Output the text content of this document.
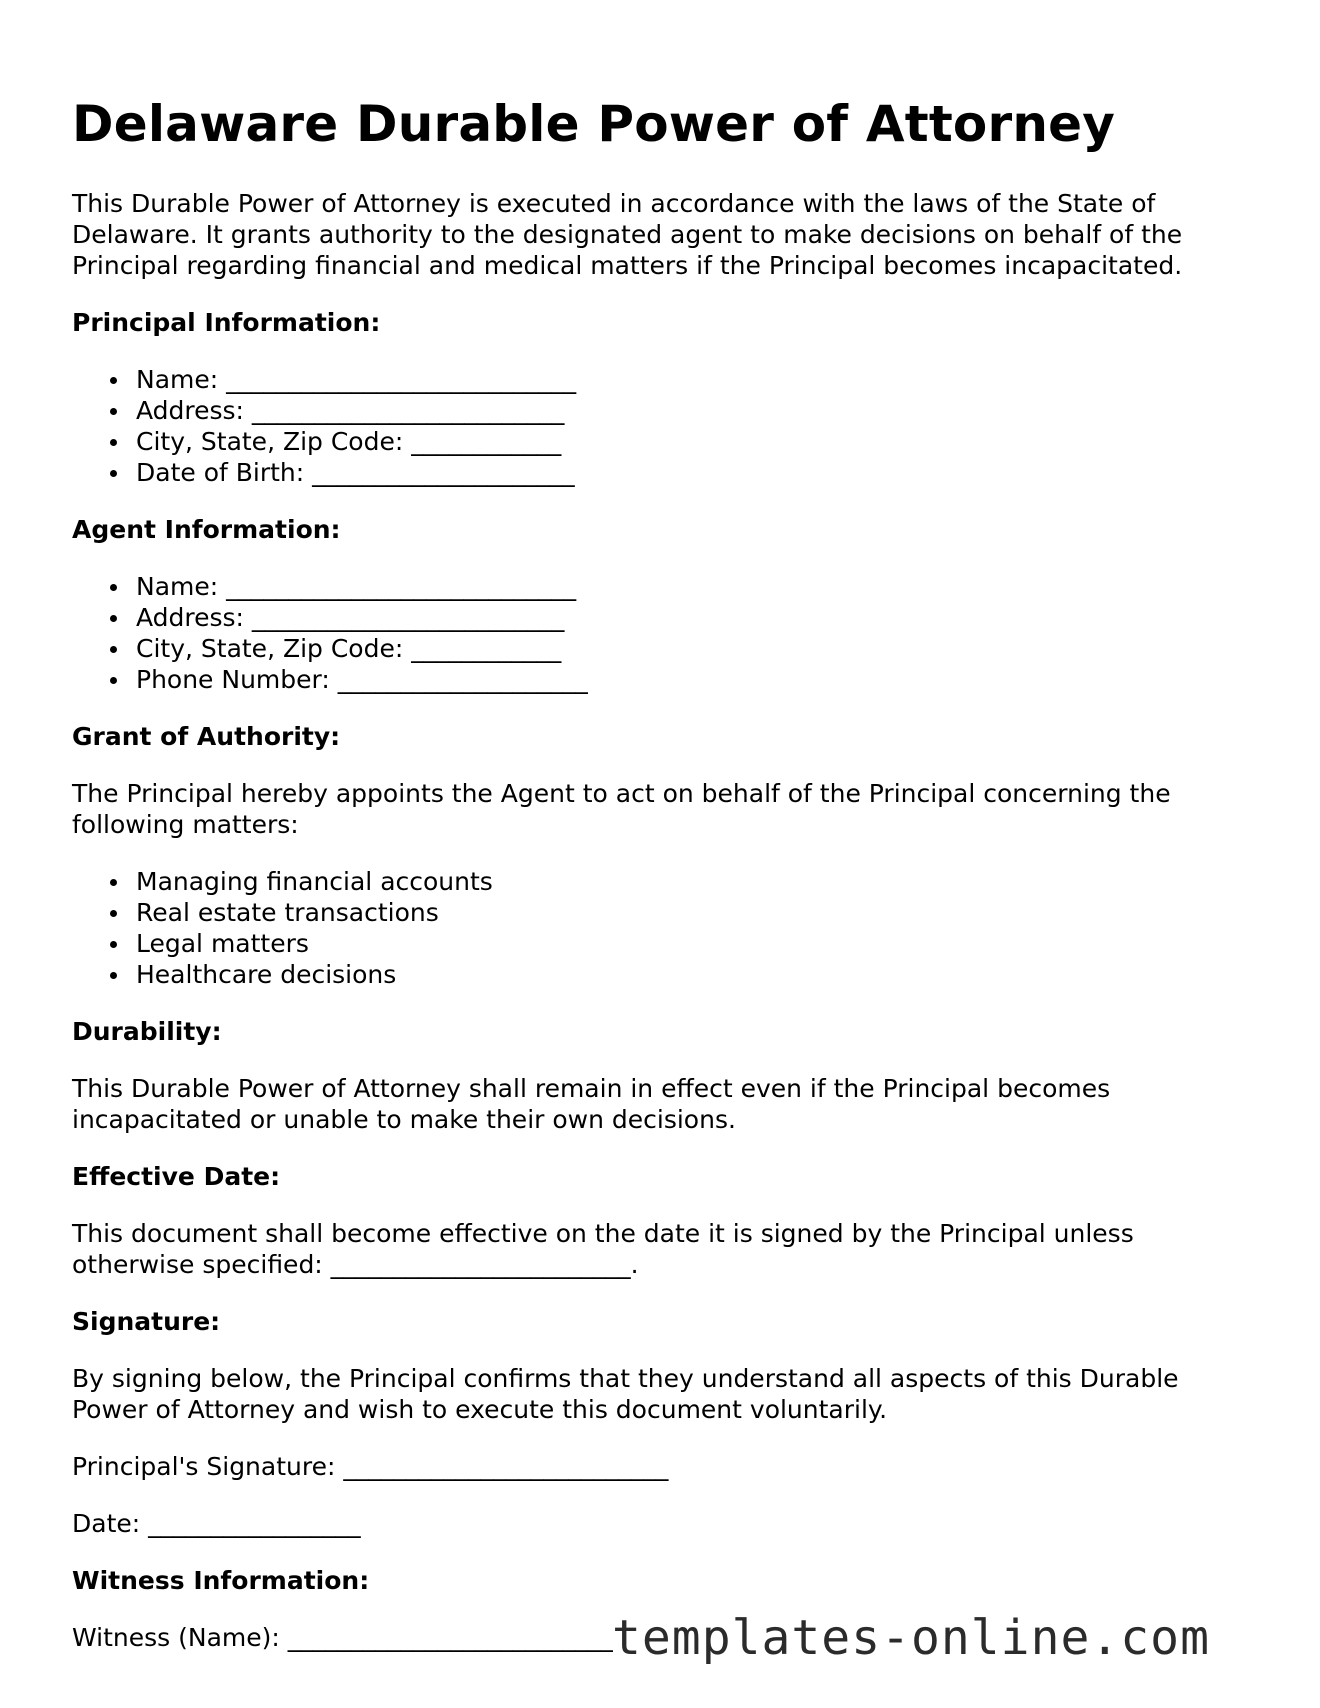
Delaware Durable Power of Attorney

This Durable Power of Attorney is executed in accordance with the laws of the State of Delaware. It grants authority to the designated agent to make decisions on behalf of the Principal regarding financial and medical matters if the Principal becomes incapacitated.

Principal Information:
Name: ____________________________
Address: _________________________
City, State, Zip Code: ____________
Date of Birth: _____________________
Agent Information:
Name: ____________________________
Address: _________________________
City, State, Zip Code: ____________
Phone Number: ____________________
Grant of Authority:

The Principal hereby appoints the Agent to act on behalf of the Principal concerning the following matters:

Managing financial accounts
Real estate transactions
Legal matters
Healthcare decisions
Durability:

This Durable Power of Attorney shall remain in effect even if the Principal becomes incapacitated or unable to make their own decisions.

Effective Date:

This document shall become effective on the date it is signed by the Principal unless otherwise specified: ________________________.

Signature:

By signing below, the Principal confirms that they understand all aspects of this Durable Power of Attorney and wish to execute this document voluntarily.

Principal's Signature: __________________________

Date: _________________

Witness Information:

Witness (Name): __________________________ templates-online.com
